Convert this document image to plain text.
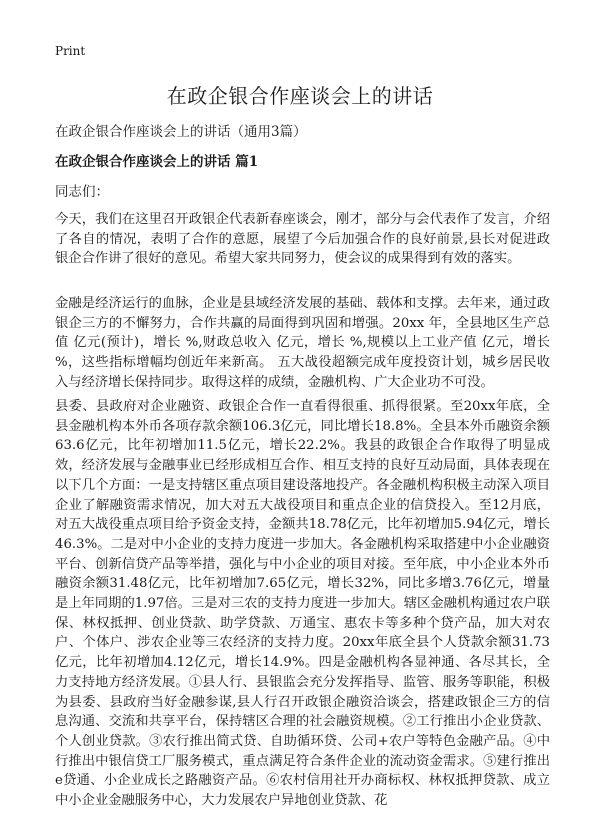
Print
在政企银合作座谈会上的讲话
在政企银合作座谈会上的讲话（通用3篇）
在政企银合作座谈会上的讲话 篇1
同志们：

今天，我们在这里召开政银企代表新春座谈会，刚才，部分与会代表作了发言，介绍了各自的情况，表明了合作的意愿，展望了今后加强合作的良好前景,县长对促进政银企合作讲了很好的意见。希望大家共同努力，使会议的成果得到有效的落实。

金融是经济运行的血脉，企业是县域经济发展的基础、载体和支撑。去年来，通过政银企三方的不懈努力，合作共赢的局面得到巩固和增强。20xx 年，全县地区生产总值 亿元(预计)，增长 %,财政总收入 亿元，增长 %,规模以上工业产值 亿元，增长 %，这些指标增幅均创近年来新高。 五大战役超额完成年度投资计划，城乡居民收入与经济增长保持同步。取得这样的成绩，金融机构、广大企业功不可没。

县委、县政府对企业融资、政银企合作一直看得很重、抓得很紧。至20xx年底，全县金融机构本外币各项存款余额106.3亿元，同比增长18.8%。全县本外币融资余额63.6亿元，比年初增加11.5亿元，增长22.2%。我县的政银企合作取得了明显成效，经济发展与金融事业已经形成相互合作、相互支持的良好互动局面，具体表现在以下几个方面：一是支持辖区重点项目建设落地投产。各金融机构积极主动深入项目企业了解融资需求情况，加大对五大战役项目和重点企业的信贷投入。至12月底，对五大战役重点项目给予资金支持，金额共18.78亿元，比年初增加5.94亿元，增长46.3%。二是对中小企业的支持力度进一步加大。各金融机构采取搭建中小企业融资平台、创新信贷产品等举措，强化与中小企业的项目对接。至年底，中小企业本外币融资余额31.48亿元，比年初增加7.65亿元，增长32%，同比多增3.76亿元，增量是上年同期的1.97倍。三是对三农的支持力度进一步加大。辖区金融机构通过农户联保、林权抵押、创业贷款、助学贷款、万通宝、惠农卡等多种个贷产品，加大对农户、个体户、涉农企业等三农经济的支持力度。20xx年底全县个人贷款余额31.73亿元，比年初增加4.12亿元，增长14.9%。四是金融机构各显神通、各尽其长，全力支持地方经济发展。①县人行、县银监会充分发挥指导、监管、服务等职能，积极为县委、县政府当好金融参谋,县人行召开政银企融资洽谈会，搭建政银企三方的信息沟通、交流和共享平台，保持辖区合理的社会融资规模。②工行推出小企业贷款、个人创业贷款。③农行推出简式贷、自助循环贷、公司+农户等特色金融产品。④中行推出中银信贷工厂服务模式，重点满足符合条件企业的流动资金需求。⑤建行推出e贷通、小企业成长之路融资产品。⑥农村信用社开办商标权、林权抵押贷款、成立中小企业金融服务中心，大力发展农户异地创业贷款、花
